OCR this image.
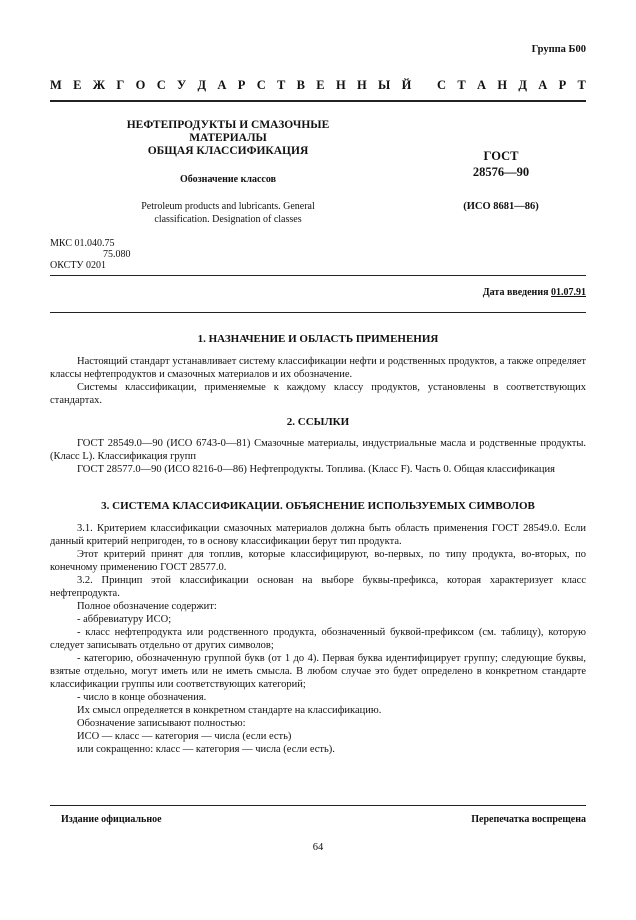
Группа Б00
М Е Ж Г О С У Д А Р С Т В Е Н Н Ы Й
С Т А Н Д А Р Т
НЕФТЕПРОДУКТЫ И СМАЗОЧНЫЕ
МАТЕРИАЛЫ
ОБЩАЯ КЛАССИФИКАЦИЯ
Обозначение классов
Petroleum products and lubricants. General
classification. Designation of classes
ГОСТ
28576—90
(ИСО 8681—86)
МКС 01.040.75
75.080
ОКСТУ 0201
Дата введения 01.07.91

1. НАЗНАЧЕНИЕ И ОБЛАСТЬ ПРИМЕНЕНИЯ

Настоящий стандарт устанавливает систему классификации нефти и родственных продуктов, а также определяет классы нефтепродуктов и смазочных материалов и их обозначение.

Системы классификации, применяемые к каждому классу продуктов, установлены в соответствующих стандартах.

2. ССЫЛКИ

ГОСТ 28549.0—90 (ИСО 6743-0—81) Смазочные материалы, индустриальные масла и родственные продукты. (Класс L). Классификация групп

ГОСТ 28577.0—90 (ИСО 8216-0—86) Нефтепродукты. Топлива. (Класс F). Часть 0. Общая классификация

3. СИСТЕМА КЛАССИФИКАЦИИ. ОБЪЯСНЕНИЕ ИСПОЛЬЗУЕМЫХ СИМВОЛОВ

3.1. Критерием классификации смазочных материалов должна быть область применения ГОСТ 28549.0. Если данный критерий непригоден, то в основу классификации берут тип продукта.

Этот критерий принят для топлив, которые классифицируют, во-первых, по типу продукта, во-вторых, по конечному применению ГОСТ 28577.0.

3.2. Принцип этой классификации основан на выборе буквы-префикса, которая характеризует класс нефтепродукта.

Полное обозначение содержит:

- аббревиатуру ИСО;

- класс нефтепродукта или родственного продукта, обозначенный буквой-префиксом (см. таблицу), которую следует записывать отдельно от других символов;

- категорию, обозначенную группой букв (от 1 до 4). Первая буква идентифицирует группу; следующие буквы, взятые отдельно, могут иметь или не иметь смысла. В любом случае это будет определено в конкретном стандарте классификации группы или соответствующих категорий;

- число в конце обозначения.

Их смысл определяется в конкретном стандарте на классификацию.

Обозначение записывают полностью:

ИСО — класс — категория — числа (если есть)

или сокращенно: класс — категория — числа (если есть).

Издание официальное	Перепечатка воспрещена
64
